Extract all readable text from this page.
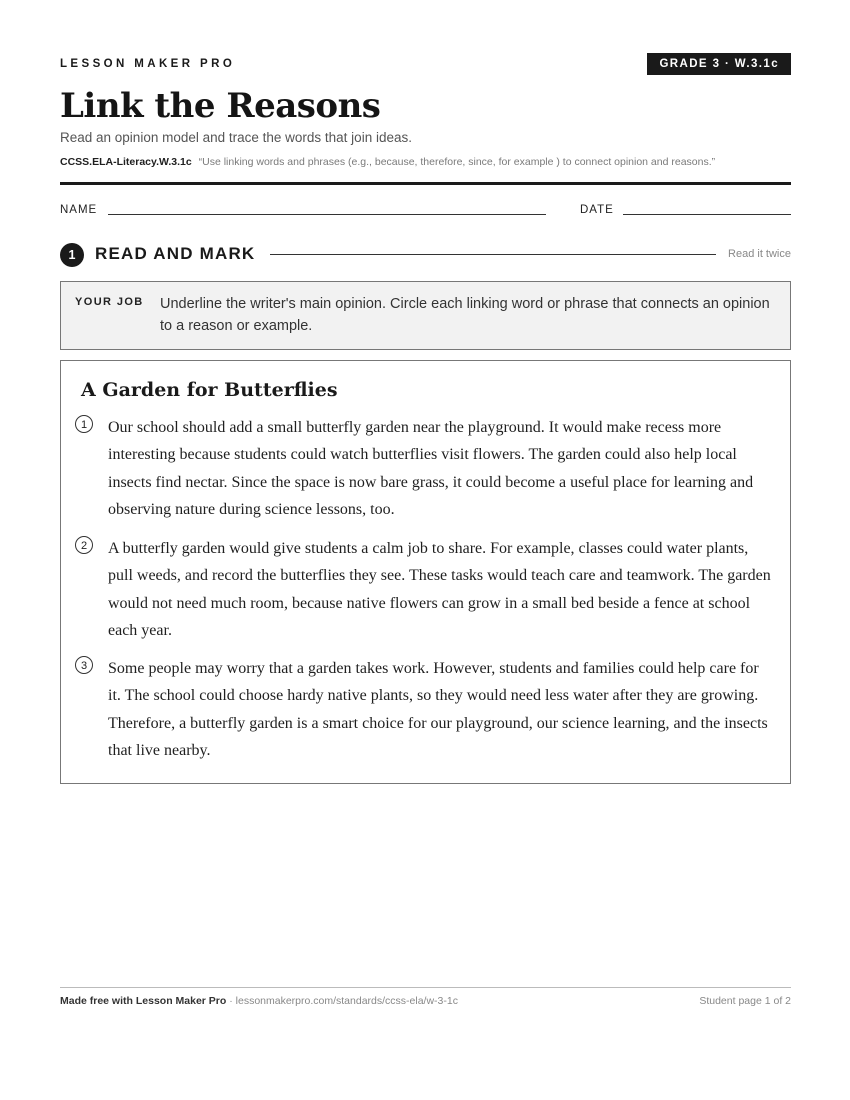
LESSON MAKER PRO	GRADE 3 · W.3.1c
Link the Reasons
Read an opinion model and trace the words that join ideas.
CCSS.ELA-Literacy.W.3.1c “Use linking words and phrases (e.g., because, therefore, since, for example ) to connect opinion and reasons.”
NAME	DATE
1	READ AND MARK	Read it twice
YOUR JOB Underline the writer's main opinion. Circle each linking word or phrase that connects an opinion to a reason or example.
A Garden for Butterflies
1	Our school should add a small butterfly garden near the playground. It would make recess more interesting because students could watch butterflies visit flowers. The garden could also help local insects find nectar. Since the space is now bare grass, it could become a useful place for learning and observing nature during science lessons, too.

2	A butterfly garden would give students a calm job to share. For example, classes could water plants, pull weeds, and record the butterflies they see. These tasks would teach care and teamwork. The garden would not need much room, because native flowers can grow in a small bed beside a fence at school each year.

3	Some people may worry that a garden takes work. However, students and families could help care for it. The school could choose hardy native plants, so they would need less water after they are growing. Therefore, a butterfly garden is a smart choice for our playground, our science learning, and the insects that live nearby.

Made free with Lesson Maker Pro · lessonmakerpro.com/standards/ccss-ela/w-3-1c	Student page 1 of 2
